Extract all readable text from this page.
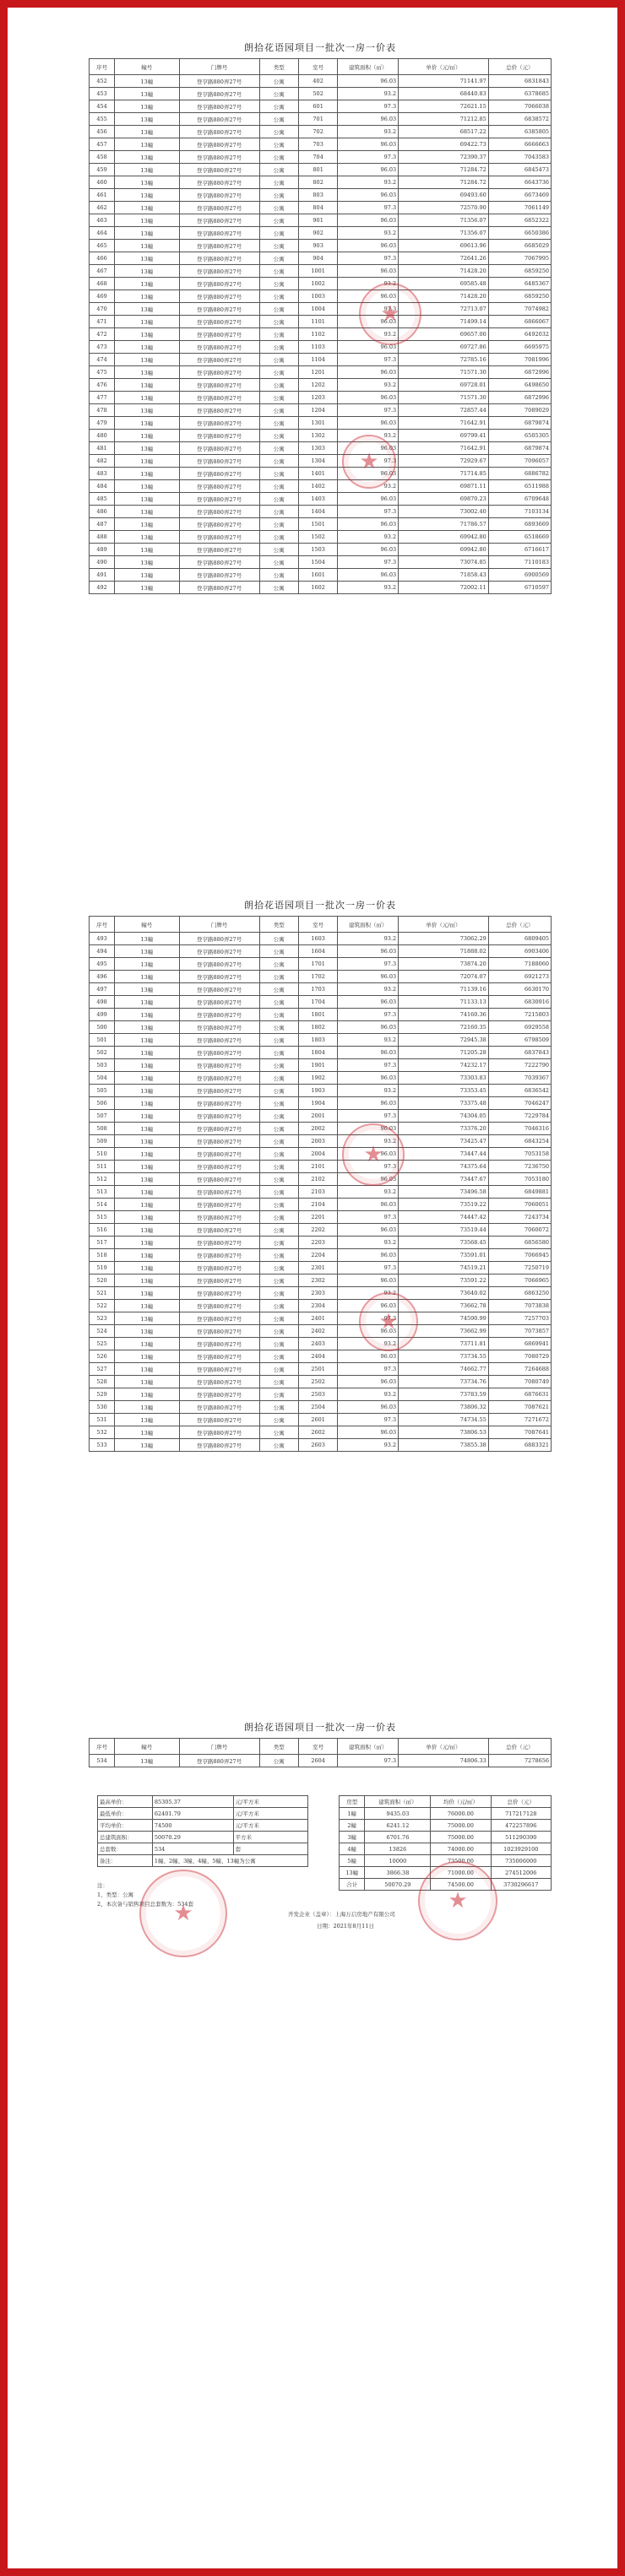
朗拾花语园项目一批次一房一价表
序号	幢号	门牌号	类型	室号	建筑面积（㎡）	单价（元/㎡）	总价（元）
452	13幢	登亨路880弄27号	公寓	402	96.03	71141.97	6831843
453	13幢	登亨路880弄27号	公寓	502	93.2	68440.83	6378685
454	13幢	登亨路880弄27号	公寓	601	97.3	72621.15	7066038
455	13幢	登亨路880弄27号	公寓	701	96.03	71212.85	6838572
456	13幢	登亨路880弄27号	公寓	702	93.2	68517.22	6385805
457	13幢	登亨路880弄27号	公寓	703	96.03	69422.73	6666663
458	13幢	登亨路880弄27号	公寓	704	97.3	72390.37	7043583
459	13幢	登亨路880弄27号	公寓	801	96.03	71284.72	6845473
460	13幢	登亨路880弄27号	公寓	802	93.2	71284.72	6643736
461	13幢	登亨路880弄27号	公寓	803	96.03	69493.60	6673469
462	13幢	登亨路880弄27号	公寓	804	97.3	72570.90	7061149
463	13幢	登亨路880弄27号	公寓	901	96.03	71356.07	6852322
464	13幢	登亨路880弄27号	公寓	902	93.2	71356.07	6650386
465	13幢	登亨路880弄27号	公寓	903	96.03	69613.96	6685029
466	13幢	登亨路880弄27号	公寓	904	97.3	72641.26	7067995
467	13幢	登亨路880弄27号	公寓	1001	96.03	71428.20	6859250
468	13幢	登亨路880弄27号	公寓	1002	93.2	69585.48	6485367
469	13幢	登亨路880弄27号	公寓	1003	96.03	71428.20	6859250
470	13幢	登亨路880弄27号	公寓	1004	97.3	72713.07	7074982
471	13幢	登亨路880弄27号	公寓	1101	96.03	71499.14	6866067
472	13幢	登亨路880弄27号	公寓	1102	93.2	69657.00	6492032
473	13幢	登亨路880弄27号	公寓	1103	96.03	69727.86	6695975
474	13幢	登亨路880弄27号	公寓	1104	97.3	72785.16	7081996
475	13幢	登亨路880弄27号	公寓	1201	96.03	71571.30	6872996
476	13幢	登亨路880弄27号	公寓	1202	93.2	69728.01	6498650
477	13幢	登亨路880弄27号	公寓	1203	96.03	71571.30	6872996
478	13幢	登亨路880弄27号	公寓	1204	97.3	72857.44	7089029
479	13幢	登亨路880弄27号	公寓	1301	96.03	71642.91	6879874
480	13幢	登亨路880弄27号	公寓	1302	93.2	69799.41	6505305
481	13幢	登亨路880弄27号	公寓	1303	96.03	71642.91	6879874
482	13幢	登亨路880弄27号	公寓	1304	97.3	72929.67	7096057
483	13幢	登亨路880弄27号	公寓	1401	96.03	71714.85	6886782
484	13幢	登亨路880弄27号	公寓	1402	93.2	69871.11	6511988
485	13幢	登亨路880弄27号	公寓	1403	96.03	69870.23	6709648
486	13幢	登亨路880弄27号	公寓	1404	97.3	73002.40	7103134
487	13幢	登亨路880弄27号	公寓	1501	96.03	71786.57	6893669
488	13幢	登亨路880弄27号	公寓	1502	93.2	69942.80	6518669
489	13幢	登亨路880弄27号	公寓	1503	96.03	69942.80	6716617
490	13幢	登亨路880弄27号	公寓	1504	97.3	73074.85	7110183
491	13幢	登亨路880弄27号	公寓	1601	96.03	71858.43	6900569
492	13幢	登亨路880弄27号	公寓	1602	93.2	72002.11	6710597
★
★
朗拾花语园项目一批次一房一价表
序号	幢号	门牌号	类型	室号	建筑面积（㎡）	单价（元/㎡）	总价（元）
493	13幢	登亨路880弄27号	公寓	1603	93.2	73062.29	6809405
494	13幢	登亨路880弄27号	公寓	1604	96.03	71888.02	6903406
495	13幢	登亨路880弄27号	公寓	1701	97.3	73874.20	7188060
496	13幢	登亨路880弄27号	公寓	1702	96.03	72074.07	6921273
497	13幢	登亨路880弄27号	公寓	1703	93.2	71139.16	6630170
498	13幢	登亨路880弄27号	公寓	1704	96.03	71133.13	6830916
499	13幢	登亨路880弄27号	公寓	1801	97.3	74160.36	7215803
500	13幢	登亨路880弄27号	公寓	1802	96.03	72160.35	6929558
501	13幢	登亨路880弄27号	公寓	1803	93.2	72945.38	6798509
502	13幢	登亨路880弄27号	公寓	1804	96.03	71205.28	6837843
503	13幢	登亨路880弄27号	公寓	1901	97.3	74232.17	7222790
504	13幢	登亨路880弄27号	公寓	1902	96.03	73303.83	7039367
505	13幢	登亨路880弄27号	公寓	1903	93.2	73353.45	6836542
506	13幢	登亨路880弄27号	公寓	1904	96.03	73375.48	7046247
507	13幢	登亨路880弄27号	公寓	2001	97.3	74304.05	7229784
508	13幢	登亨路880弄27号	公寓	2002	96.03	73376.20	7046316
509	13幢	登亨路880弄27号	公寓	2003	93.2	73425.47	6843254
510	13幢	登亨路880弄27号	公寓	2004	96.03	73447.44	7053158
511	13幢	登亨路880弄27号	公寓	2101	97.3	74375.64	7236750
512	13幢	登亨路880弄27号	公寓	2102	96.03	73447.67	7053180
513	13幢	登亨路880弄27号	公寓	2103	93.2	73496.58	6849881
514	13幢	登亨路880弄27号	公寓	2104	96.03	73519.22	7060051
515	13幢	登亨路880弄27号	公寓	2201	97.3	74447.42	7243734
516	13幢	登亨路880弄27号	公寓	2202	96.03	73519.44	7060072
517	13幢	登亨路880弄27号	公寓	2203	93.2	73568.45	6856580
518	13幢	登亨路880弄27号	公寓	2204	96.03	73591.01	7066945
519	13幢	登亨路880弄27号	公寓	2301	97.3	74519.21	7250719
520	13幢	登亨路880弄27号	公寓	2302	96.03	73591.22	7066965
521	13幢	登亨路880弄27号	公寓	2303	93.2	73640.02	6863250
522	13幢	登亨路880弄27号	公寓	2304	96.03	73662.78	7073838
523	13幢	登亨路880弄27号	公寓	2401	97.3	74590.99	7257703
524	13幢	登亨路880弄27号	公寓	2402	96.03	73662.99	7073857
525	13幢	登亨路880弄27号	公寓	2403	93.2	73711.81	6869941
526	13幢	登亨路880弄27号	公寓	2404	96.03	73734.55	7080729
527	13幢	登亨路880弄27号	公寓	2501	97.3	74662.77	7264688
528	13幢	登亨路880弄27号	公寓	2502	96.03	73734.76	7080749
529	13幢	登亨路880弄27号	公寓	2503	93.2	73783.59	6876631
530	13幢	登亨路880弄27号	公寓	2504	96.03	73806.32	7087621
531	13幢	登亨路880弄27号	公寓	2601	97.3	74734.55	7271672
532	13幢	登亨路880弄27号	公寓	2602	96.03	73806.53	7087641
533	13幢	登亨路880弄27号	公寓	2603	93.2	73855.38	6883321
★
★
朗拾花语园项目一批次一房一价表
序号	幢号	门牌号	类型	室号	建筑面积（㎡）	单价（元/㎡）	总价（元）
534	13幢	登亨路880弄27号	公寓	2604	97.3	74806.33	7278656
最高单价：	85305.37	元/平方米
最低单价：	62401.79	元/平方米
平均单价：	74500	元/平方米
总建筑面积：	50070.29	平方米
总套数：	534	套
备注：	1幢、2幢、3幢、4幢、5幢、13幢为公寓	
房型	建筑面积（㎡）	均价（元/㎡）	总价（元）
1幢	9435.03	76000.00	717217128
2幢	6241.12	75000.00	472257896
3幢	6701.76	75000.00	511290390
4幢	13826	74000.00	1023929100
5幢	10000	73500.00	735006000
13幢	3866.38	71000.00	274512006
合计	50070.29	74500.00	3730296617
注：
1、类型：公寓
2、本次备与销售项目总套数为：534套
开发企业（盖章）：上海万启房地产有限公司
日期：2021年8月11日
★
★
搜狐号@搜狐焦点苏州站
